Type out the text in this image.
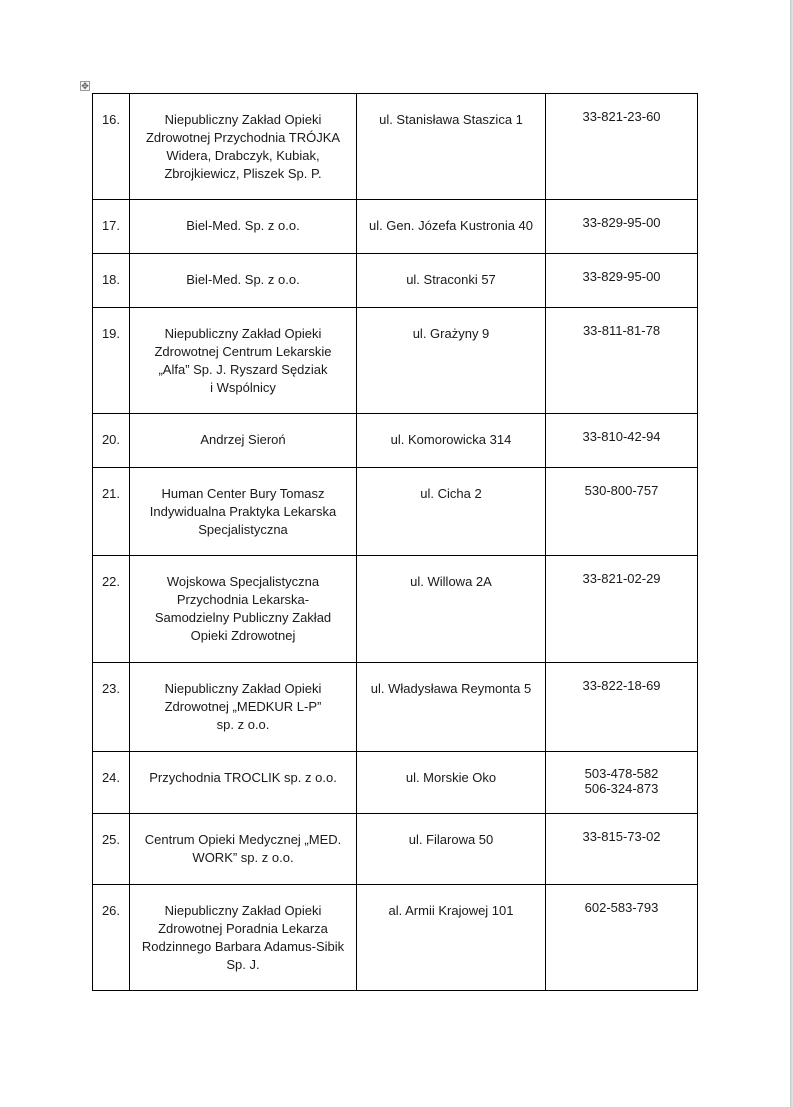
✥
16.	Niepubliczny Zakład Opieki
Zdrowotnej Przychodnia TRÓJKA
Widera, Drabczyk, Kubiak,
Zbrojkiewicz, Pliszek Sp. P.	ul. Stanisława Staszica 1	33-821-23-60

17.	Biel-Med. Sp. z o.o.	ul. Gen. Józefa Kustronia 40	33-829-95-00

18.	Biel-Med. Sp. z o.o.	ul. Straconki 57	33-829-95-00

19.	Niepubliczny Zakład Opieki
Zdrowotnej Centrum Lekarskie
„Alfa” Sp. J. Ryszard Sędziak
i Wspólnicy	ul. Grażyny 9	33-811-81-78

20.	Andrzej Sieroń	ul. Komorowicka 314	33-810-42-94

21.	Human Center Bury Tomasz
Indywidualna Praktyka Lekarska
Specjalistyczna	ul. Cicha 2	530-800-757

22.	Wojskowa Specjalistyczna
Przychodnia Lekarska-
Samodzielny Publiczny Zakład
Opieki Zdrowotnej	ul. Willowa 2A	33-821-02-29

23.	Niepubliczny Zakład Opieki
Zdrowotnej „MEDKUR L-P”
sp. z o.o.	ul. Władysława Reymonta 5	33-822-18-69

24.	Przychodnia TROCLIK sp. z o.o.	ul. Morskie Oko	503-478-582
506-324-873

25.	Centrum Opieki Medycznej „MED.
WORK” sp. z o.o.	ul. Filarowa 50	33-815-73-02

26.	Niepubliczny Zakład Opieki
Zdrowotnej Poradnia Lekarza
Rodzinnego Barbara Adamus-Sibik
Sp. J.	al. Armii Krajowej 101	602-583-793
